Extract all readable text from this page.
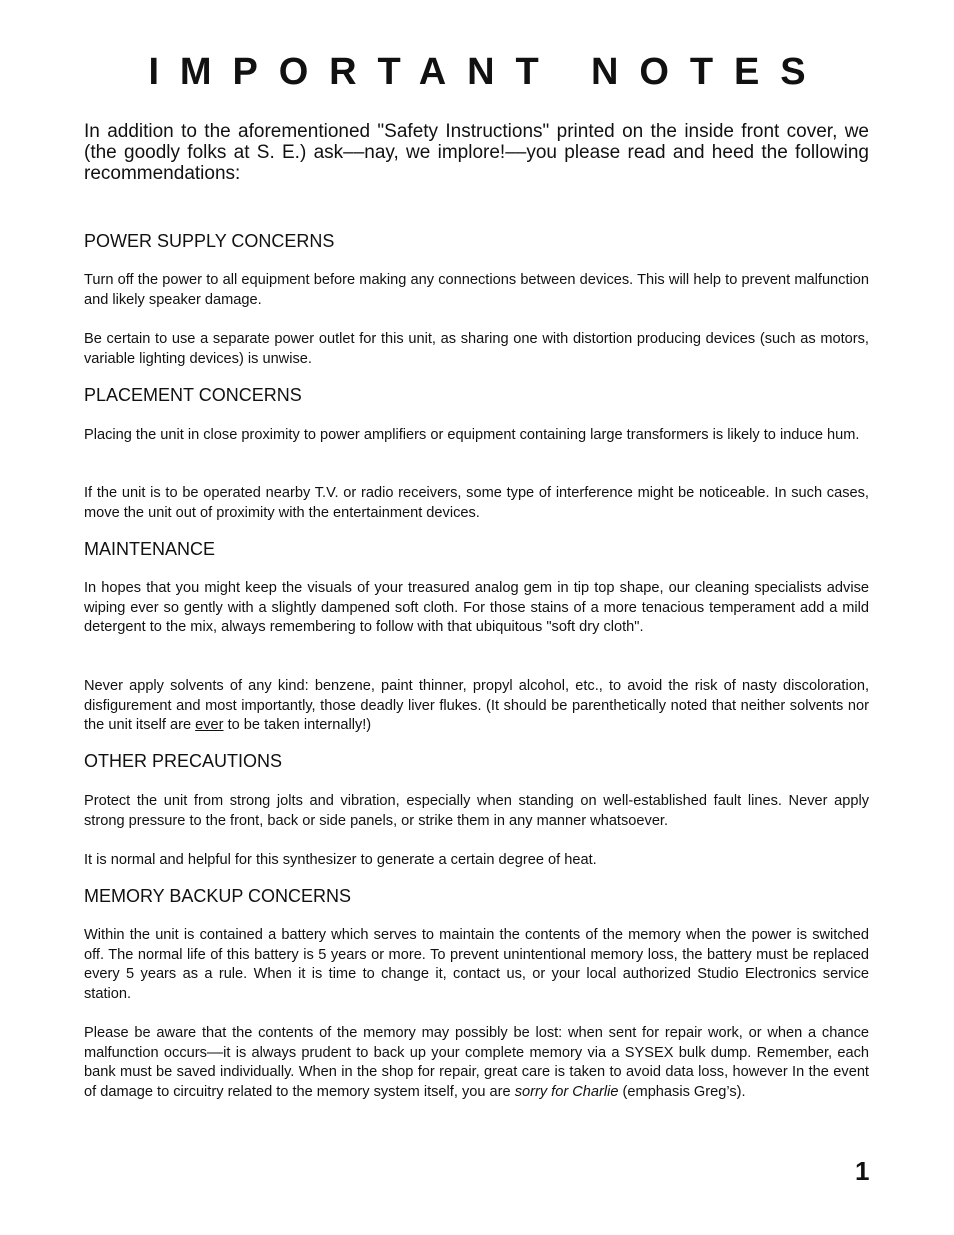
IMPORTANT NOTES

In addition to the aforementioned "Safety Instructions" printed on the inside front cover, we (the goodly folks at S. E.) ask––nay, we implore!––you please read and heed the following recommendations:

POWER SUPPLY CONCERNS

Turn off the power to all equipment before making any connections between devices. This will help to prevent malfunction and likely speaker damage.

Be certain to use a separate power outlet for this unit, as sharing one with distortion producing devices (such as motors, variable lighting devices) is unwise.

PLACEMENT CONCERNS

Placing the unit in close proximity to power amplifiers or equipment containing large transformers is likely to induce hum.

If the unit is to be operated nearby T.V. or radio receivers, some type of interference might be noticeable. In such cases, move the unit out of proximity with the entertainment devices.

MAINTENANCE

In hopes that you might keep the visuals of your treasured analog gem in tip top shape, our cleaning specialists advise wiping ever so gently with a slightly dampened soft cloth. For those stains of a more tenacious temperament add a mild detergent to the mix, always remembering to follow with that ubiquitous "soft dry cloth".

Never apply solvents of any kind: benzene, paint thinner, propyl alcohol, etc., to avoid the risk of nasty discoloration, disfigurement and most importantly, those deadly liver flukes. (It should be parenthetically noted that neither solvents nor the unit itself are ever to be taken internally!)

OTHER PRECAUTIONS

Protect the unit from strong jolts and vibration, especially when standing on well-established fault lines. Never apply strong pressure to the front, back or side panels, or strike them in any manner whatsoever.

It is normal and helpful for this synthesizer to generate a certain degree of heat.

MEMORY BACKUP CONCERNS

Within the unit is contained a battery which serves to maintain the contents of the memory when the power is switched off. The normal life of this battery is 5 years or more. To prevent unintentional memory loss, the battery must be replaced every 5 years as a rule. When it is time to change it, contact us, or your local authorized Studio Electronics service station.

Please be aware that the contents of the memory may possibly be lost: when sent for repair work, or when a chance malfunction occurs––it is always prudent to back up your complete memory via a SYSEX bulk dump. Remember, each bank must be saved individually. When in the shop for repair, great care is taken to avoid data loss, however In the event of damage to circuitry related to the memory system itself, you are sorry for Charlie (emphasis Greg’s).

1
